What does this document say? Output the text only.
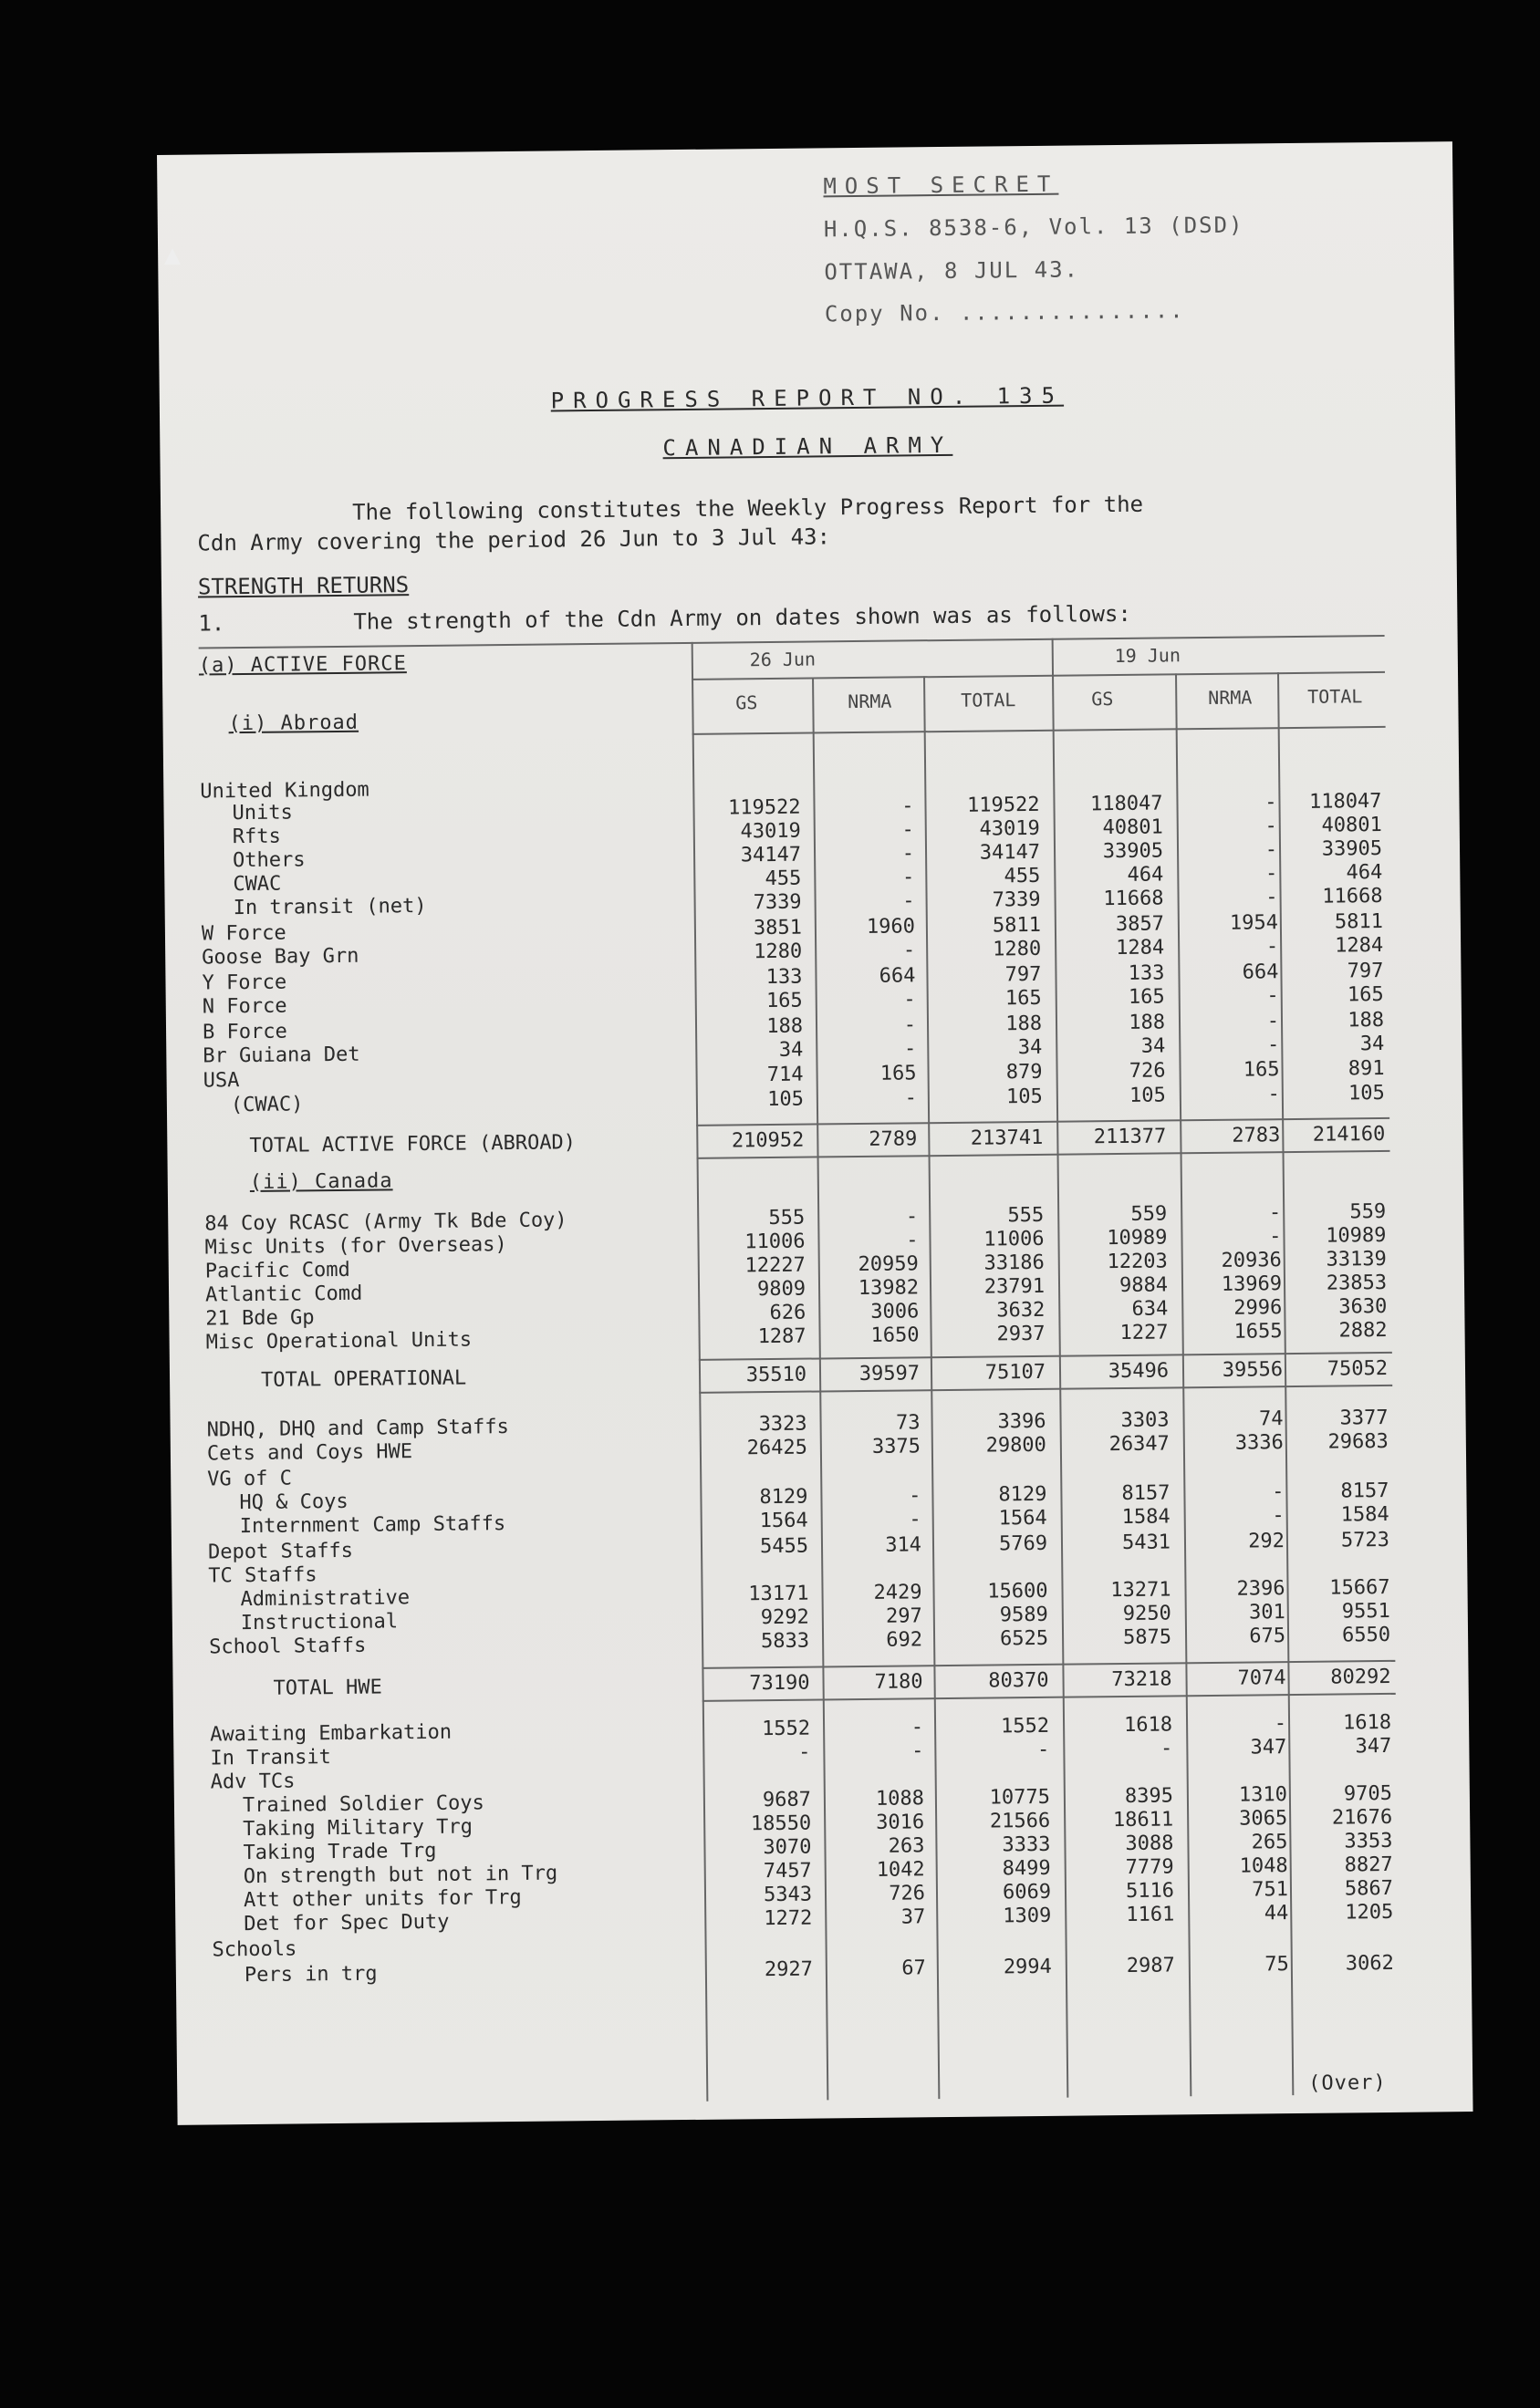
MOST SECRET
H.Q.S. 8538-6, Vol. 13 (DSD)
OTTAWA, 8 JUL 43.
Copy No. ...............
PROGRESS REPORT NO. 135
CANADIAN ARMY
The following constitutes the Weekly Progress Report for the
Cdn Army covering the period 26 Jun to 3 Jul 43:
STRENGTH RETURNS
1.	The strength of the Cdn Army on dates shown was as follows:
(a) ACTIVE FORCE
(i) Abroad
26 Jun	19 Jun
GS	NRMA	TOTAL	GS	NRMA	TOTAL
(ii) Canada
United Kingdom
Units	119522	-	119522	118047	-	118047
Rfts	43019	-	43019	40801	-	40801
Others	34147	-	34147	33905	-	33905
CWAC	455	-	455	464	-	464
In transit (net)	7339	-	7339	11668	-	11668
W Force	3851	1960	5811	3857	1954	5811
Goose Bay Grn	1280	-	1280	1284	-	1284
Y Force	133	664	797	133	664	797
N Force	165	-	165	165	-	165
B Force	188	-	188	188	-	188
Br Guiana Det	34	-	34	34	-	34
USA	714	165	879	726	165	891
(CWAC)	105	-	105	105	-	105
TOTAL ACTIVE FORCE (ABROAD)	210952	2789	213741	211377	2783	214160
84 Coy RCASC (Army Tk Bde Coy)	555	-	555	559	-	559
Misc Units (for Overseas)	11006	-	11006	10989	-	10989
Pacific Comd	12227	20959	33186	12203	20936	33139
Atlantic Comd	9809	13982	23791	9884	13969	23853
21 Bde Gp	626	3006	3632	634	2996	3630
Misc Operational Units	1287	1650	2937	1227	1655	2882
TOTAL OPERATIONAL	35510	39597	75107	35496	39556	75052
NDHQ, DHQ and Camp Staffs	3323	73	3396	3303	74	3377
Cets and Coys HWE	26425	3375	29800	26347	3336	29683
VG of C
HQ & Coys	8129	-	8129	8157	-	8157
Internment Camp Staffs	1564	-	1564	1584	-	1584
Depot Staffs	5455	314	5769	5431	292	5723
TC Staffs
Administrative	13171	2429	15600	13271	2396	15667
Instructional	9292	297	9589	9250	301	9551
School Staffs	5833	692	6525	5875	675	6550
TOTAL HWE	73190	7180	80370	73218	7074	80292
Awaiting Embarkation	1552	-	1552	1618	-	1618
In Transit	-	-	-	-	347	347
Adv TCs
Trained Soldier Coys	9687	1088	10775	8395	1310	9705
Taking Military Trg	18550	3016	21566	18611	3065	21676
Taking Trade Trg	3070	263	3333	3088	265	3353
On strength but not in Trg	7457	1042	8499	7779	1048	8827
Att other units for Trg	5343	726	6069	5116	751	5867
Det for Spec Duty	1272	37	1309	1161	44	1205
Schools
Pers in trg	2927	67	2994	2987	75	3062
(Over)
▲
